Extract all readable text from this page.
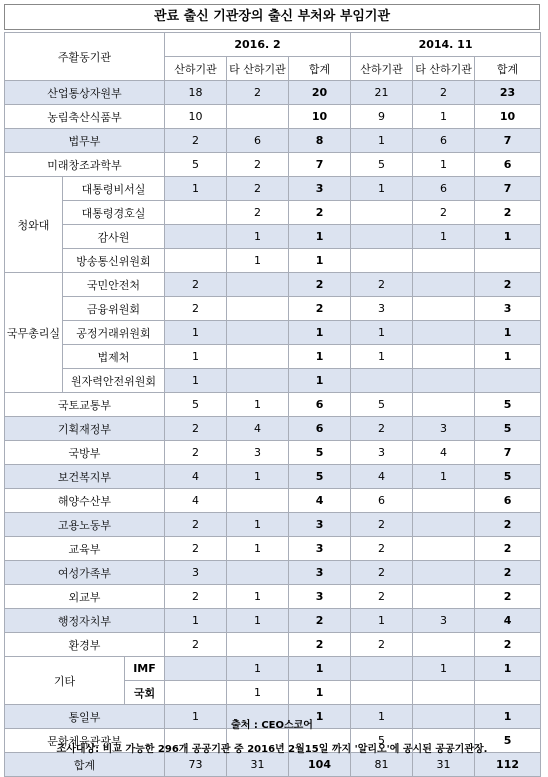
관료 출신 기관장의 출신 부처와 부임기관
주활동기관			2016. 2			2014. 11		
			산하기관	타 산하기관	합계	산하기관	타 산하기관	합계
산업통상자원부			18	2	20	21	2	23
농림축산식품부			10		10	9	1	10
법무부			2	6	8	1	6	7
미래창조과학부			5	2	7	5	1	6
청와대	대통령비서실		1	2	3	1	6	7
	대통령경호실			2	2		2	2
	감사원			1	1		1	1
	방송통신위원회			1	1			
국무총리실	국민안전처		2		2	2		2
	금융위원회		2		2	3		3
	공정거래위원회		1		1	1		1
	법제처		1		1	1		1
	원자력안전위원회		1		1			
국토교통부			5	1	6	5		5
기획재정부			2	4	6	2	3	5
국방부			2	3	5	3	4	7
보건복지부			4	1	5	4	1	5
해양수산부			4		4	6		6
고용노동부			2	1	3	2		2
교육부			2	1	3	2		2
여성가족부			3		3	2		2
외교부			2	1	3	2		2
행정자치부			1	1	2	1	3	4
환경부			2		2	2		2
기타		IMF		1	1		1	1
		국회		1	1			
통일부			1		1	1		1
문화체육관광부						5		5
합계			73	31	104	81	31	112
출처 : CEO스코어
조사대상: 비교 가능한 296개 공공기관 중 2016년 2월15일 까지 '알리오'에 공시된 공공기관장.
